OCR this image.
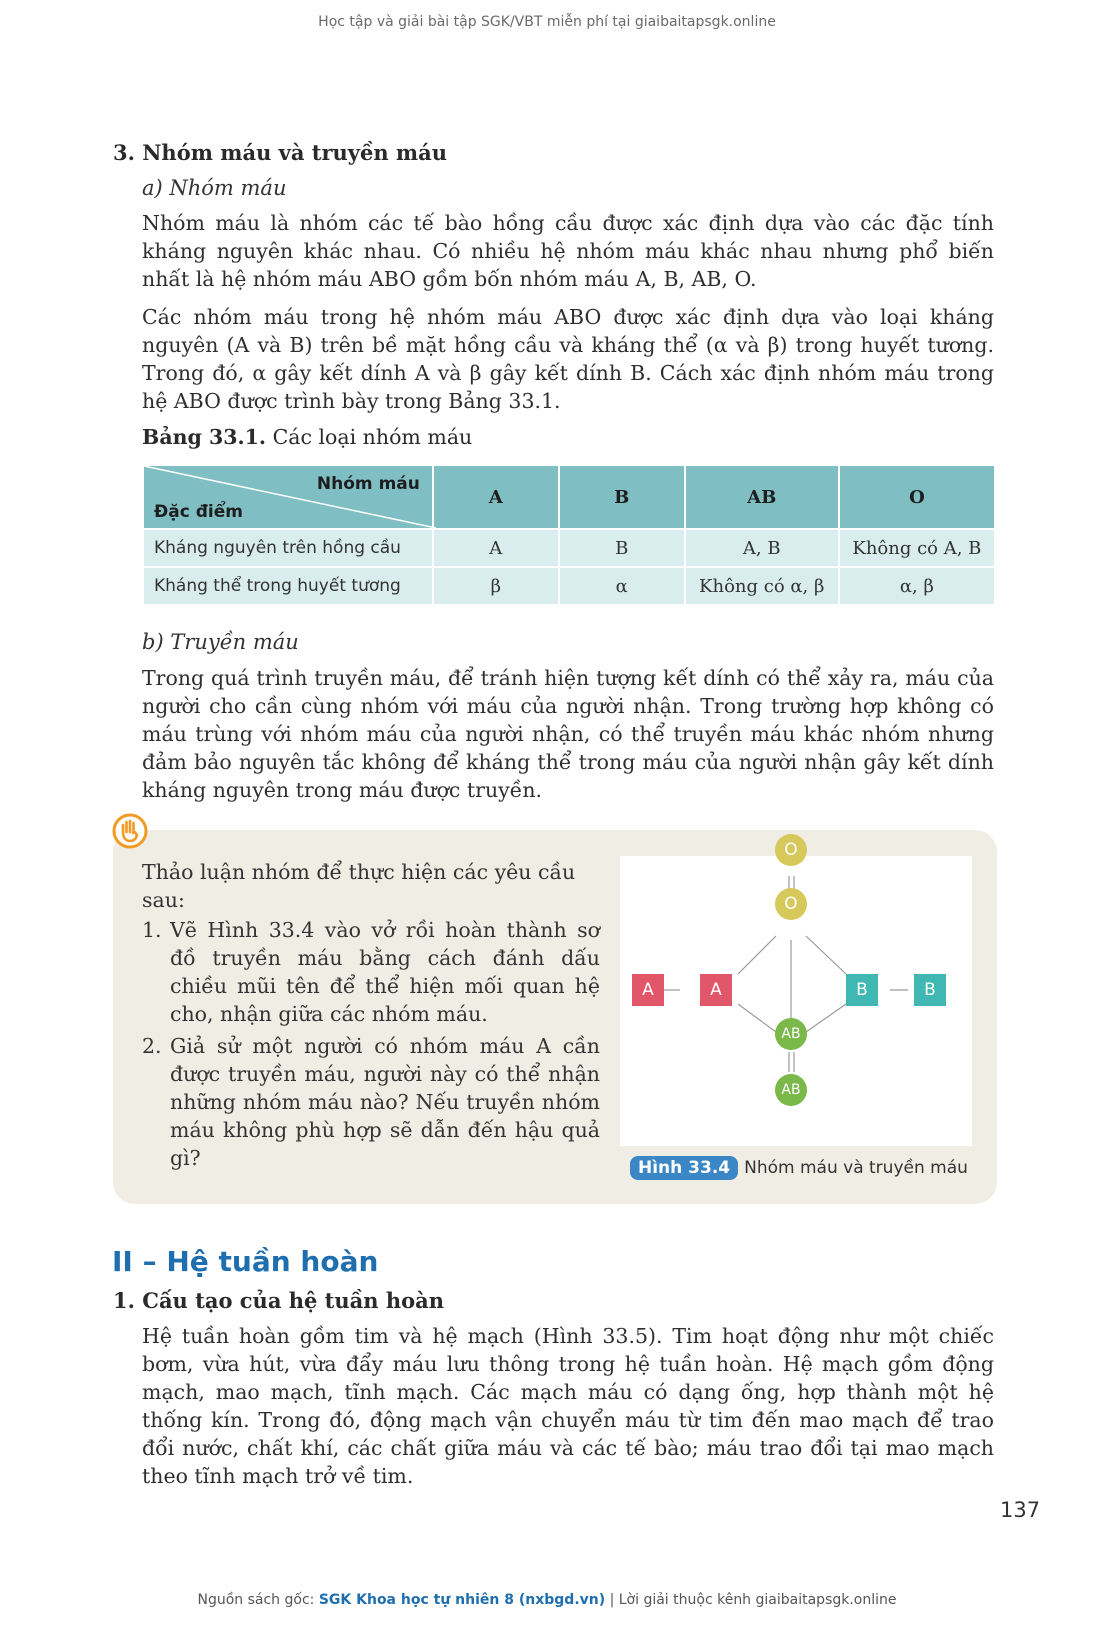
Học tập và giải bài tập SGK/VBT miễn phí tại giaibaitapsgk.online
3. Nhóm máu và truyền máu
a) Nhóm máu

Nhóm máu là nhóm các tế bào hồng cầu được xác định dựa vào các đặc tính kháng nguyên khác nhau. Có nhiều hệ nhóm máu khác nhau nhưng phổ biến nhất là hệ nhóm máu ABO gồm bốn nhóm máu A, B, AB, O.

Các nhóm máu trong hệ nhóm máu ABO được xác định dựa vào loại kháng nguyên (A và B) trên bề mặt hồng cầu và kháng thể (α và β) trong huyết tương. Trong đó, α gây kết dính A và β gây kết dính B. Cách xác định nhóm máu trong hệ ABO được trình bày trong Bảng 33.1.

Bảng 33.1. Các loại nhóm máu
Nhóm máu
Đặc điểm	A	B	AB	O
Kháng nguyên trên hồng cầu	A	B	A, B	Không có A, B
Kháng thể trong huyết tương	β	α	Không có α, β	α, β
b) Truyền máu

Trong quá trình truyền máu, để tránh hiện tượng kết dính có thể xảy ra, máu của người cho cần cùng nhóm với máu của người nhận. Trong trường hợp không có máu trùng với nhóm máu của người nhận, có thể truyền máu khác nhóm nhưng đảm bảo nguyên tắc không để kháng thể trong máu của người nhận gây kết dính kháng nguyên trong máu được truyền.

Thảo luận nhóm để thực hiện các yêu cầu sau:

1. Vẽ Hình 33.4 vào vở rồi hoàn thành sơ đồ truyền máu bằng cách đánh dấu chiều mũi tên để thể hiện mối quan hệ cho, nhận giữa các nhóm máu.
2. Giả sử một người có nhóm máu A cần được truyền máu, người này có thể nhận những nhóm máu nào? Nếu truyền nhóm máu không phù hợp sẽ dẫn đến hậu quả gì?
O
O
A	A	B	B
AB
AB
Hình 33.4 Nhóm máu và truyền máu
II – Hệ tuần hoàn
1. Cấu tạo của hệ tuần hoàn

Hệ tuần hoàn gồm tim và hệ mạch (Hình 33.5). Tim hoạt động như một chiếc bơm, vừa hút, vừa đẩy máu lưu thông trong hệ tuần hoàn. Hệ mạch gồm động mạch, mao mạch, tĩnh mạch. Các mạch máu có dạng ống, hợp thành một hệ thống kín. Trong đó, động mạch vận chuyển máu từ tim đến mao mạch để trao đổi nước, chất khí, các chất giữa máu và các tế bào; máu trao đổi tại mao mạch theo tĩnh mạch trở về tim.

137
Nguồn sách gốc: SGK Khoa học tự nhiên 8 (nxbgd.vn) | Lời giải thuộc kênh giaibaitapsgk.online
